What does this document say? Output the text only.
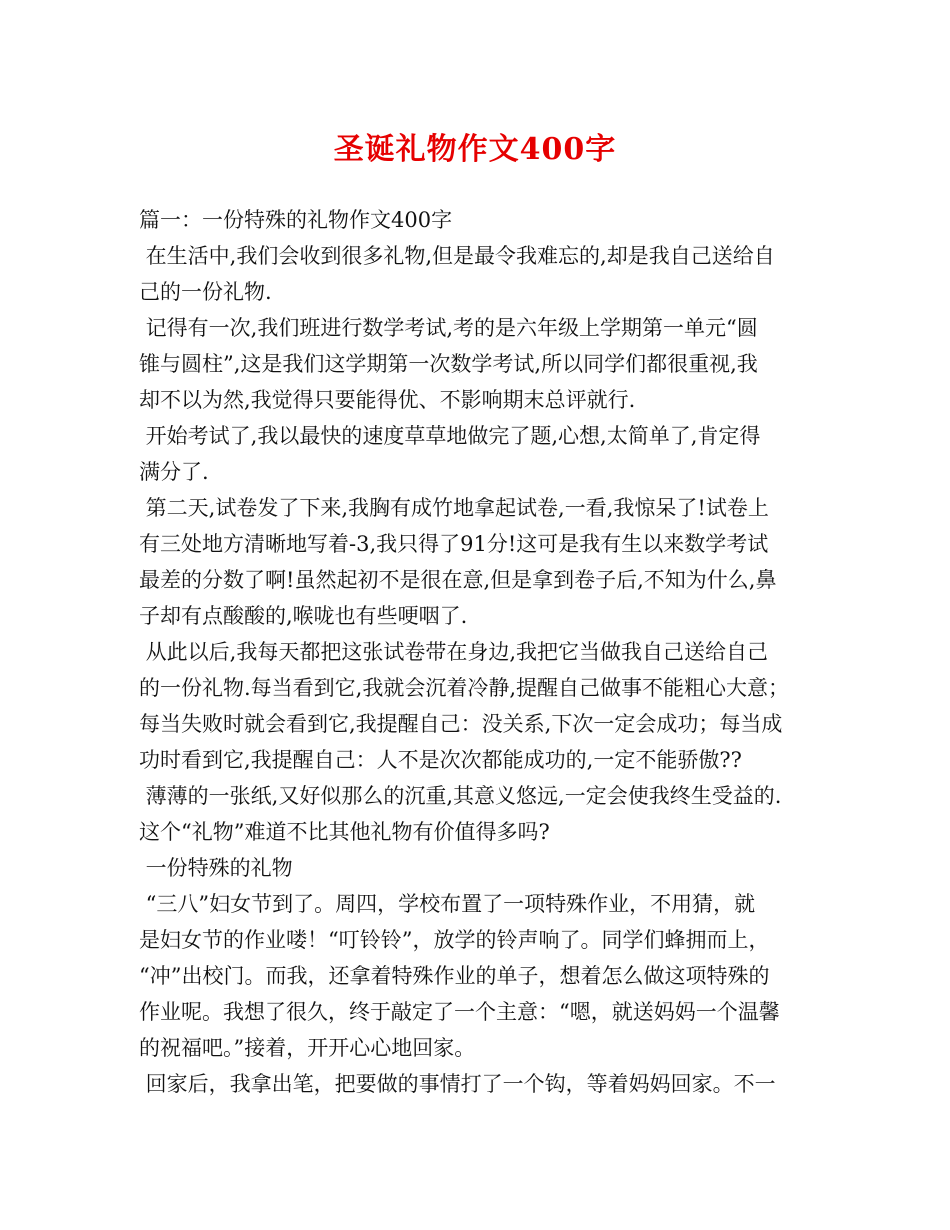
圣诞礼物作文400字
篇一：一份特殊的礼物作文400字
在生活中,我们会收到很多礼物,但是最令我难忘的,却是我自己送给自
己的一份礼物.
记得有一次,我们班进行数学考试,考的是六年级上学期第一单元“圆
锥与圆柱”,这是我们这学期第一次数学考试,所以同学们都很重视,我
却不以为然,我觉得只要能得优、不影响期末总评就行.
开始考试了,我以最快的速度草草地做完了题,心想,太简单了,肯定得
满分了.
第二天,试卷发了下来,我胸有成竹地拿起试卷,一看,我惊呆了!试卷上
有三处地方清晰地写着-3,我只得了91分!这可是我有生以来数学考试
最差的分数了啊!虽然起初不是很在意,但是拿到卷子后,不知为什么,鼻
子却有点酸酸的,喉咙也有些哽咽了.
从此以后,我每天都把这张试卷带在身边,我把它当做我自己送给自己
的一份礼物.每当看到它,我就会沉着冷静,提醒自己做事不能粗心大意；
每当失败时就会看到它,我提醒自己：没关系,下次一定会成功；每当成
功时看到它,我提醒自己：人不是次次都能成功的,一定不能骄傲??
薄薄的一张纸,又好似那么的沉重,其意义悠远,一定会使我终生受益的.
这个“礼物”难道不比其他礼物有价值得多吗?
一份特殊的礼物
“三八”妇女节到了。周四，学校布置了一项特殊作业，不用猜，就
是妇女节的作业喽！“叮铃铃”，放学的铃声响了。同学们蜂拥而上，
“冲”出校门。而我，还拿着特殊作业的单子，想着怎么做这项特殊的
作业呢。我想了很久，终于敲定了一个主意：“嗯，就送妈妈一个温馨
的祝福吧。”接着，开开心心地回家。
回家后，我拿出笔，把要做的事情打了一个钩，等着妈妈回家。不一
